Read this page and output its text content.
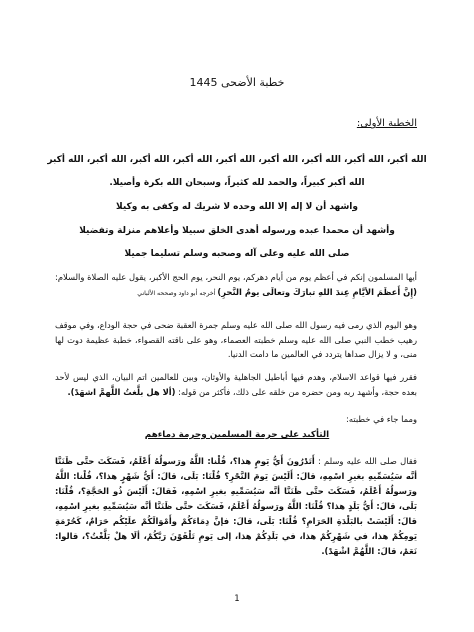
خطبة الأضحى 1445
الخطبة الأولى:
الله أكبر، الله أكبر، الله أكبر، الله أكبر، الله أكبر، الله أكبر، الله أكبر، الله أكبر، الله أكبر
الله أكبر كبيراً، والحمد لله كثيراً، وسبحان الله بكرة وأصيلا.
واشهد أن لا إله إلا الله وحده لا شريك له وكفى به وكيلا
وأشهد أن محمدا عبده ورسوله أهدى الخلق سبيلا وأعلاهم منزلة وتفضيلا
صلى الله عليه وعلى آله وصحبه وسلم تسليما جميلا
أيها المسلمون إنكم في أعظم يوم من أيام دهركم، يوم النحر، يوم الحج الأكبر، يقول عليه الصلاة والسلام: (إِنَّ أَعظَمَ الأيَّامِ عِندَ اللهِ تبارَكَ وتعالَى يومُ النَّحرِ) أخرجه أبو داود وصححه الألباني
وهو اليوم الذي رمى فيه رسول الله صلى الله عليه وسلم جمرة العقبة ضحى في حجة الوداع، وفي موقف رهيب خطب النبي صلى الله عليه وسلم خطبته العصماء، وهو على ناقته القصواء، خطبة عظيمة دوت لها منى، و لا يزال صداها يتردد في العالمين ما دامت الدنيا.
فقرر فيها قواعد الاسلام، وهدم فيها أباطيل الجاهلية والأوثان، وبين للعالمين اتم البيان، الذي ليس لأحد بعده حجة، وأشهد ربه ومن حضره من خلقه على ذلك، فأكثر من قوله: (ألا هل بلَّغتُ اللَّهمَّ اشهَدْ).
ومما جاء في خطبته:
التأكيد على حرمة المسلمين وحرمة دماءهم
فقال صلى الله عليه وسلم : أَتَدْرُونَ أَيُّ يَومٍ هذا؟، قُلْنا: اللَّهُ ورَسولُهُ أَعْلَمُ، فَسَكَتَ حتَّى ظَنَنَّا أنَّه سَيُسَمِّيهِ بغيرِ اسْمِهِ، قالَ: أَلَيْسَ يَومَ النَّحْرِ؟ قُلْنَا: بَلَى، قالَ: أَيُّ شَهْرٍ هذا؟، قُلْنا: اللَّهُ ورَسولُهُ أَعْلَمُ، فَسَكَتَ حتَّى ظَنَنَّا أنَّه سَيُسَمِّيهِ بغيرِ اسْمِهِ، فَقالَ: أَلَيْسَ ذُو الحَجَّةِ؟، قُلْنَا: بَلَى، قالَ: أَيُّ بَلَدٍ هذا؟ قُلْنَا: اللَّهُ ورَسولُهُ أَعْلَمُ، فَسَكَتَ حتَّى ظَنَنَّا أنَّه سَيُسَمِّيهِ بغيرِ اسْمِهِ، قالَ: أَلَيْسَتْ بالبَلْدَةِ الحَرَامِ؟ قُلْنَا: بَلَى، قالَ: فإنَّ دِمَاءَكُمْ وأَمْوَالَكُمْ علَيْكُم حَرَامٌ، كَحُرْمَةِ يَومِكُمْ هذا، في شَهْرِكُمْ هذا، في بَلَدِكُمْ هذا، إلى يَومِ تَلْقَوْنَ رَبَّكُمْ، ألَا هلْ بَلَّغْتُ؟، قالوا: نَعَمْ، قالَ: اللَّهُمَّ اشْهَدْ).
1
